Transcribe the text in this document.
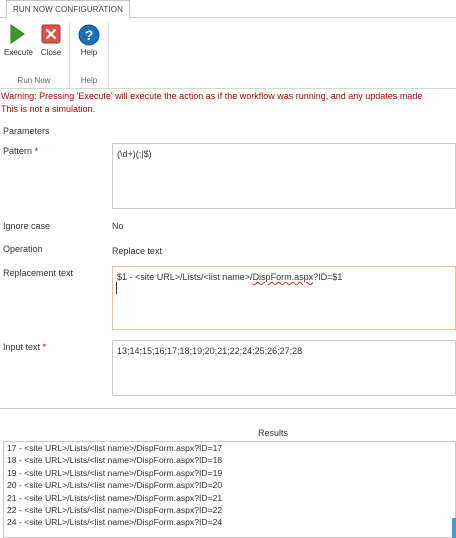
RUN NOW CONFIGURATION
Execute Close
?
Help
Run Now	Help
Warning: Pressing 'Execute' will execute the action as if the workflow was running, and any updates made
This is not a simulation.
Parameters
Pattern *	(\d+)(;|$)
Ignore case	No
Operation	Replace text
Replacement text	$1 - <site URL>/Lists/<list name>/DispForm.aspx?ID=$1
Input text *	13;14;15;16;17;18;19;20;21;22;24;25;26;27;28
Results
17 - <site URL>/Lists/<list name>/DispForm.aspx?ID=17
18 - <site URL>/Lists/<list name>/DispForm.aspx?ID=18
19 - <site URL>/Lists/<list name>/DispForm.aspx?ID=19
20 - <site URL>/Lists/<list name>/DispForm.aspx?ID=20
21 - <site URL>/Lists/<list name>/DispForm.aspx?ID=21
22 - <site URL>/Lists/<list name>/DispForm.aspx?ID=22
24 - <site URL>/Lists/<list name>/DispForm.aspx?ID=24
